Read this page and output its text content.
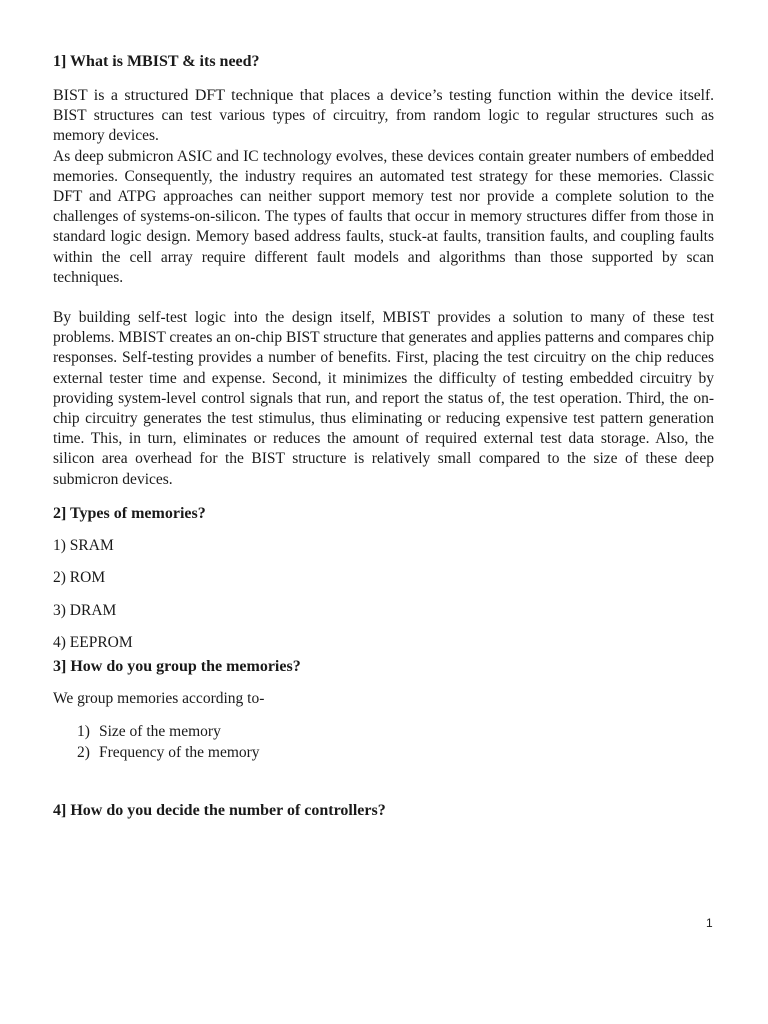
1] What is MBIST & its need?

BIST is a structured DFT technique that places a device’s testing function within the device itself. BIST structures can test various types of circuitry, from random logic to regular structures such as memory devices.

As deep submicron ASIC and IC technology evolves, these devices contain greater numbers of embedded memories. Consequently, the industry requires an automated test strategy for these memories. Classic DFT and ATPG approaches can neither support memory test nor provide a complete solution to the challenges of systems-on-silicon. The types of faults that occur in memory structures differ from those in standard logic design. Memory based address faults, stuck-at faults, transition faults, and coupling faults within the cell array require different fault models and algorithms than those supported by scan techniques.

By building self-test logic into the design itself, MBIST provides a solution to many of these test problems. MBIST creates an on-chip BIST structure that generates and applies patterns and compares chip responses. Self-testing provides a number of benefits. First, placing the test circuitry on the chip reduces external tester time and expense. Second, it minimizes the difficulty of testing embedded circuitry by providing system-level control signals that run, and report the status of, the test operation. Third, the on-chip circuitry generates the test stimulus, thus eliminating or reducing expensive test pattern generation time. This, in turn, eliminates or reduces the amount of required external test data storage. Also, the silicon area overhead for the BIST structure is relatively small compared to the size of these deep submicron devices.

2] Types of memories?
1) SRAM
2) ROM
3) DRAM
4) EEPROM
3] How do you group the memories?

We group memories according to-

1) Size of the memory
2) Frequency of the memory
4] How do you decide the number of controllers?
1
